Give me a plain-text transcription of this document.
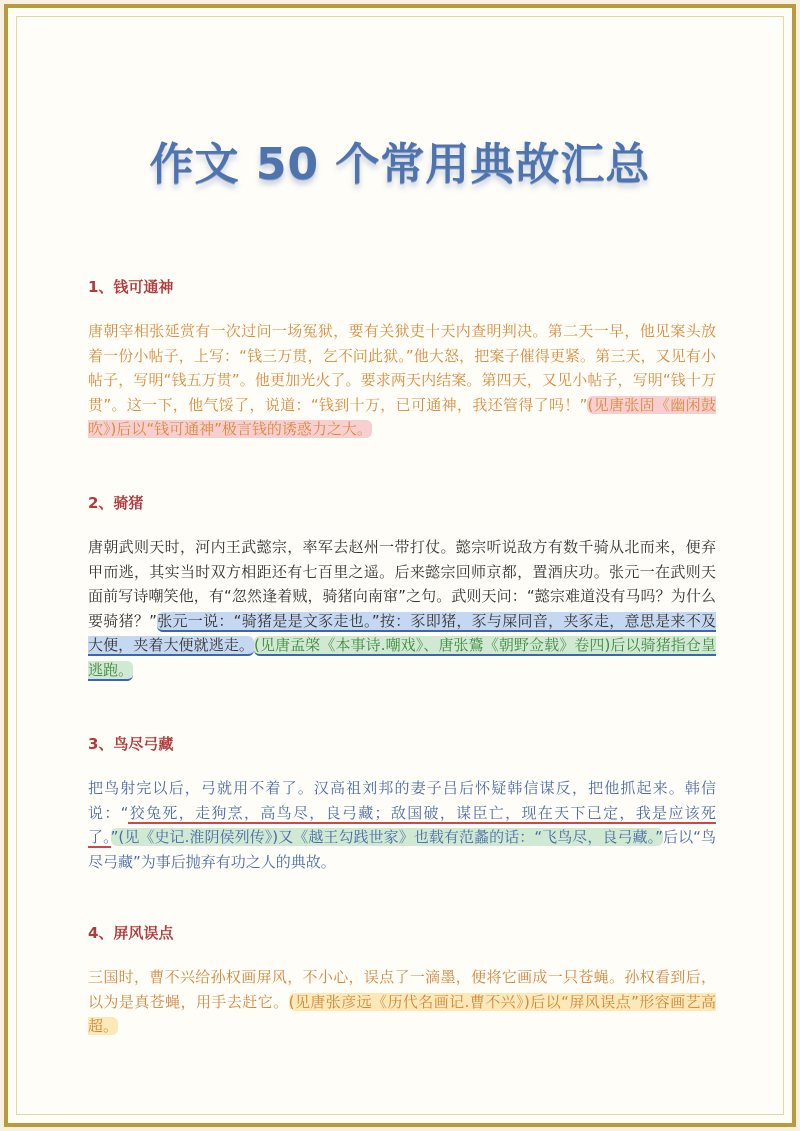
作文 50 个常用典故汇总
1、钱可通神

唐朝宰相张延赏有一次过问一场冤狱，要有关狱吏十天内查明判决。第二天一早，他见案头放着一份小帖子，上写：“钱三万贯，乞不问此狱。”他大怒，把案子催得更紧。第三天，又见有小帖子，写明“钱五万贯”。他更加光火了。要求两天内结案。第四天，又见小帖子，写明“钱十万贯”。这一下，他气馁了，说道：“钱到十万，已可通神，我还管得了吗！”(见唐张固《幽闲鼓吹》)后以“钱可通神”极言钱的诱惑力之大。

2、骑猪

唐朝武则天时，河内王武懿宗，率军去赵州一带打仗。懿宗听说敌方有数千骑从北而来，便弃甲而逃，其实当时双方相距还有七百里之遥。后来懿宗回师京都，置酒庆功。张元一在武则天面前写诗嘲笑他，有“忽然逢着贼，骑猪向南窜”之句。武则天问：“懿宗难道没有马吗？为什么要骑猪？”张元一说：“骑猪是是文豕走也。”按：豕即猪，豕与屎同音，夹豕走，意思是来不及大便，夹着大便就逃走。(见唐孟棨《本事诗.嘲戏》、唐张鷟《朝野佥载》卷四)后以骑猪指仓皇逃跑。

3、鸟尽弓藏

把鸟射完以后，弓就用不着了。汉高祖刘邦的妻子吕后怀疑韩信谋反，把他抓起来。韩信说：“狡兔死，走狗烹，高鸟尽，良弓藏；敌国破，谋臣亡，现在天下已定，我是应该死了。”(见《史记.淮阴侯列传》)又《越王勾践世家》也载有范蠡的话：“飞鸟尽，良弓藏。”后以“鸟尽弓藏”为事后抛弃有功之人的典故。

4、屏风误点

三国时，曹不兴给孙权画屏风，不小心，误点了一滴墨，便将它画成一只苍蝇。孙权看到后，以为是真苍蝇，用手去赶它。(见唐张彦远《历代名画记.曹不兴》)后以“屏风误点”形容画艺高超。
